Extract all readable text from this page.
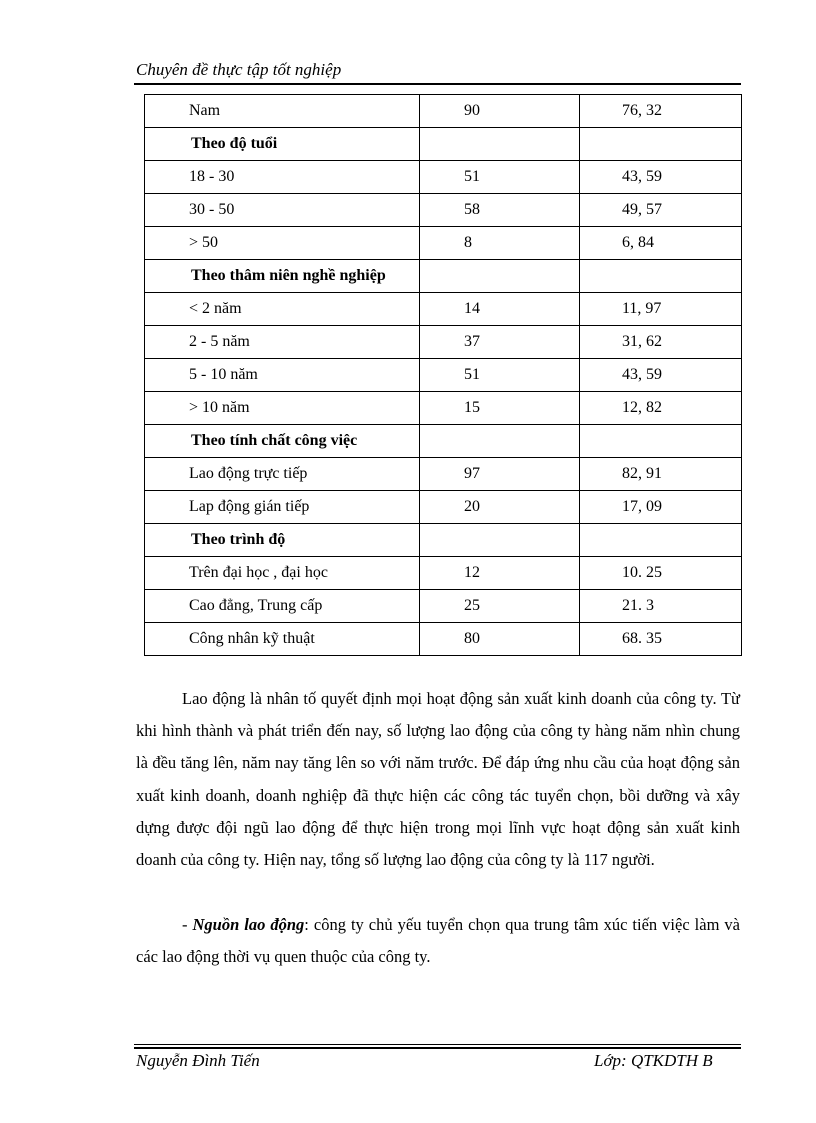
Chuyên đề thực tập tốt nghiệp
Nam	90	76, 32
Theo độ tuổi		
18 - 30	51	43, 59
30 - 50	58	49, 57
> 50	8	6, 84
Theo thâm niên nghề nghiệp		
< 2 năm	14	11, 97
2 - 5 năm	37	31, 62
5 - 10 năm	51	43, 59
> 10 năm	15	12, 82
Theo tính chất công việc		
Lao động trực tiếp	97	82, 91
Lap động gián tiếp	20	17, 09
Theo trình độ		
Trên đại học , đại học	12	10. 25
Cao đẳng, Trung cấp	25	21. 3
Công nhân kỹ thuật	80	68. 35

Lao động là nhân tố quyết định mọi hoạt động sản xuất kinh doanh của công ty. Từ khi hình thành và phát triển đến nay, số lượng lao động của công ty hàng năm nhìn chung là đều tăng lên, năm nay tăng lên so với năm trước. Để đáp ứng nhu cầu của hoạt động sản xuất kinh doanh, doanh nghiệp đã thực hiện các công tác tuyển chọn, bồi dưỡng và xây dựng được đội ngũ lao động để thực hiện trong mọi lĩnh vực hoạt động sản xuất kinh doanh của công ty. Hiện nay, tổng số lượng lao động của công ty là 117 người.

- Nguồn lao động: công ty chủ yếu tuyển chọn qua trung tâm xúc tiến việc làm và các lao động thời vụ quen thuộc của công ty.

Nguyễn Đình Tiến	Lớp: QTKDTH B
